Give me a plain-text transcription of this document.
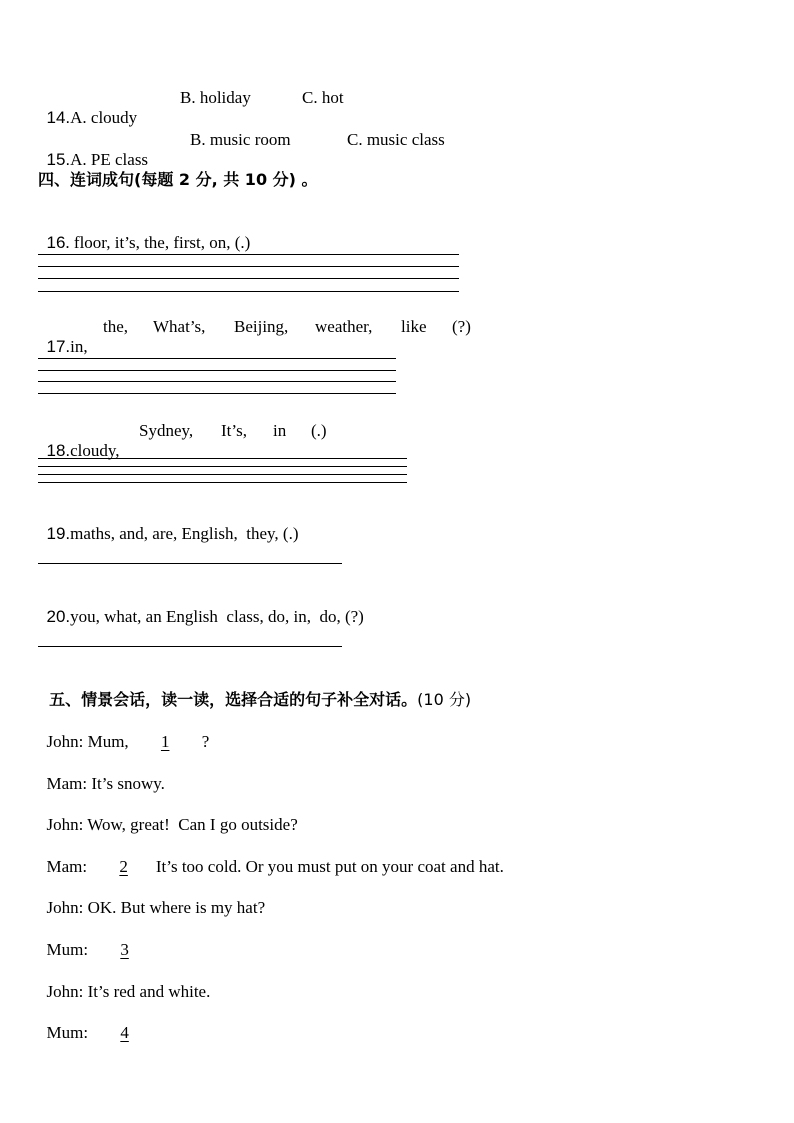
14.A. cloudy

B. holiday

	C. hot

15.A. PE class

B. music room

	C. music class

四、连词成句(每题 2 分, 共 10 分) 。

16. floor, it’s, the, first, on, (.)

17.in,

the,

What’s,

Beijing,

weather,

like

(?)

18.cloudy,

Sydney,

It’s,

in

(.)

19.maths, and, are, English,  they, (.)

20.you, what, an English  class, do, in,  do, (?)

五、情景会话，读一读，选择合适的句子补全对话。(10 分)

John: Mum,  1  ?

Mam: It’s snowy.

John: Wow, great!  Can I go outside?

Mam:  2 It’s too cold. Or you must put on your coat and hat.

John: OK. But where is my hat?

Mum:  3

John: It’s red and white.

Mum:  4
